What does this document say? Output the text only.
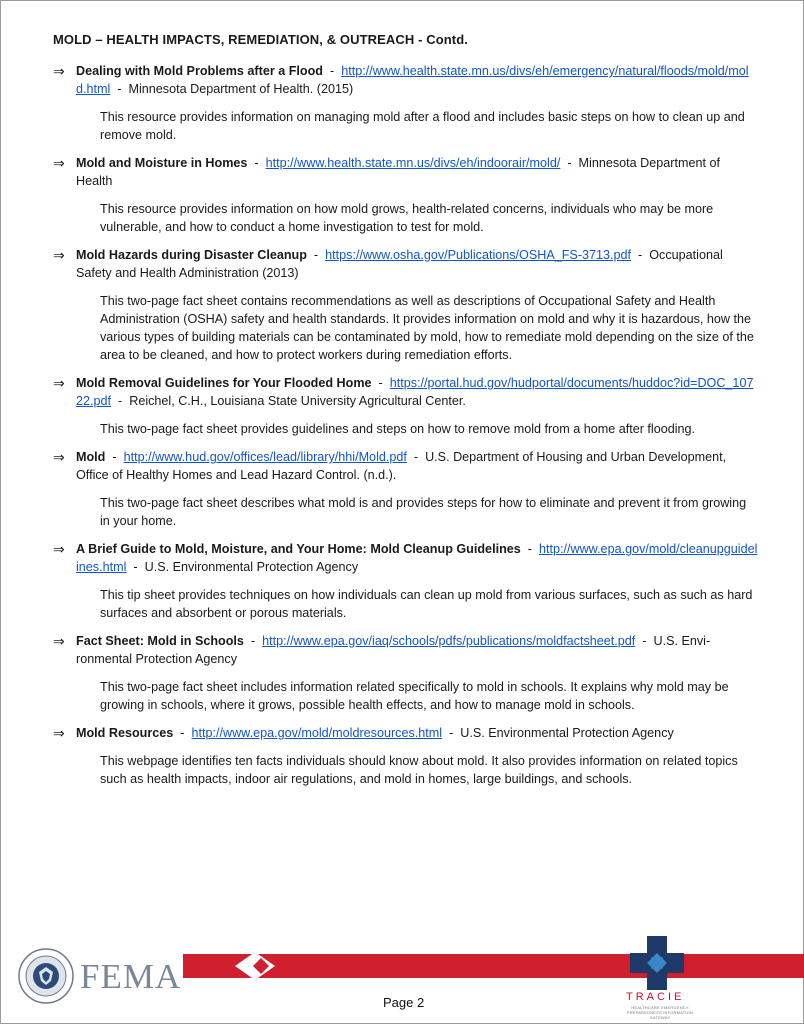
MOLD – HEALTH IMPACTS, REMEDIATION, & OUTREACH - Contd.
⇒ Dealing with Mold Problems after a Flood  -  http://www.health.state.mn.us/divs/eh/emergency/natural/floods/mold/mold.html  -  Minnesota Department of Health. (2015)
This resource provides information on managing mold after a flood and includes basic steps on how to clean up and remove mold.
⇒ Mold and Moisture in Homes  -  http://www.health.state.mn.us/divs/eh/indoorair/mold/  -  Minnesota Department of Health
This resource provides information on how mold grows, health-related concerns, individuals who may be more vulnerable, and how to conduct a home investigation to test for mold.
⇒ Mold Hazards during Disaster Cleanup  -  https://www.osha.gov/Publications/OSHA_FS-3713.pdf  -  Occupational Safety and Health Administration (2013)
This two-page fact sheet contains recommendations as well as descriptions of Occupational Safety and Health Administration (OSHA) safety and health standards. It provides information on mold and why it is hazardous, how the various types of building materials can be contaminated by mold, how to remediate mold depending on the size of the area to be cleaned, and how to protect workers during remediation efforts.
⇒ Mold Removal Guidelines for Your Flooded Home  -  https://portal.hud.gov/hudportal/documents/huddoc?id=DOC_10722.pdf  -  Reichel, C.H., Louisiana State University Agricultural Center.
This two-page fact sheet provides guidelines and steps on how to remove mold from a home after flooding.
⇒ Mold  -  http://www.hud.gov/offices/lead/library/hhi/Mold.pdf  -  U.S. Department of Housing and Urban Development, Office of Healthy Homes and Lead Hazard Control. (n.d.).
This two-page fact sheet describes what mold is and provides steps for how to eliminate and prevent it from growing in your home.
⇒ A Brief Guide to Mold, Moisture, and Your Home: Mold Cleanup Guidelines  -  http://www.epa.gov/mold/cleanupguidelines.html  -  U.S. Environmental Protection Agency
This tip sheet provides techniques on how individuals can clean up mold from various surfaces, such as such as hard surfaces and absorbent or porous materials.
⇒ Fact Sheet: Mold in Schools  -  http://www.epa.gov/iaq/schools/pdfs/publications/moldfactsheet.pdf  -  U.S. Envi-ronmental Protection Agency
This two-page fact sheet includes information related specifically to mold in schools. It explains why mold may be growing in schools, where it grows, possible health effects, and how to manage mold in schools.
⇒ Mold Resources  -  http://www.epa.gov/mold/moldresources.html  -  U.S. Environmental Protection Agency
This webpage identifies ten facts individuals should know about mold. It also provides information on related topics such as health impacts, indoor air regulations, and mold in homes, large buildings, and schools.
FEMA
Page 2	TRACIE
HEALTHCARE EMERGENCY PREPAREDNESS INFORMATION GATEWAY
